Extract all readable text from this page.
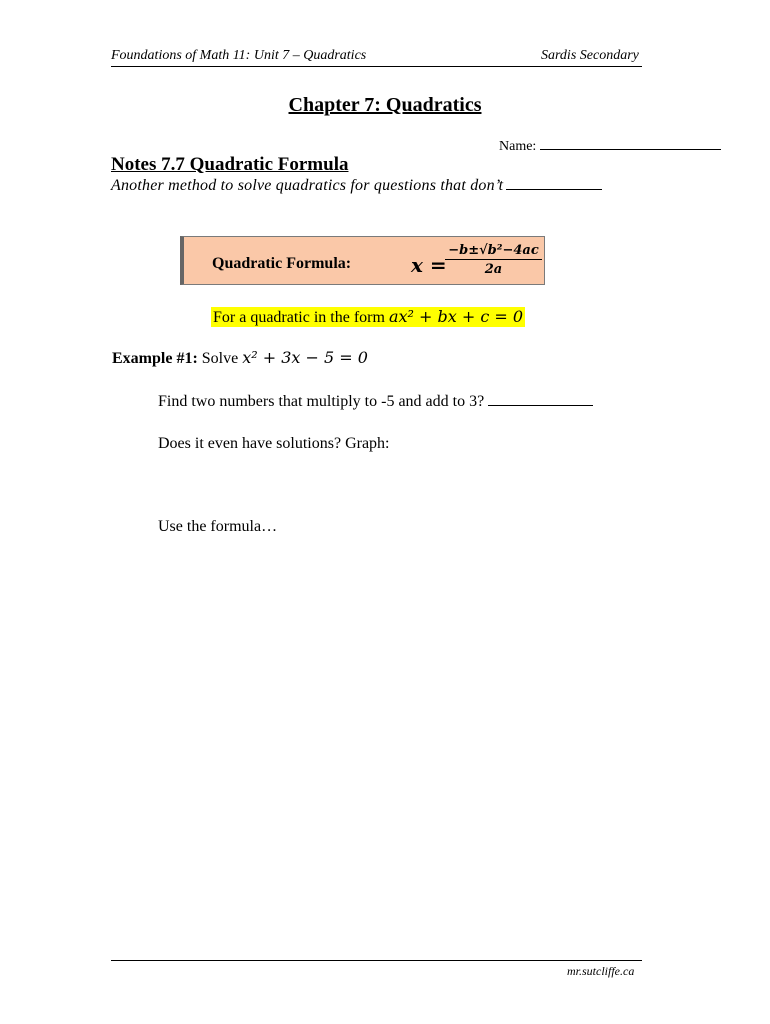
Foundations of Math 11: Unit 7 – Quadratics	Sardis Secondary
Chapter 7: Quadratics
Name:
Notes 7.7 Quadratic Formula
Another method to solve quadratics for questions that don’t
Quadratic Formula:	x =
$\frac{\text{−b±√b²−4ac}}{2a}$
For a quadratic in the form ax² + bx + c = 0
Example #1: Solve x² + 3x − 5 = 0
Find two numbers that multiply to -5 and add to 3?
Does it even have solutions? Graph:
Use the formula…
mr.sutcliffe.ca
